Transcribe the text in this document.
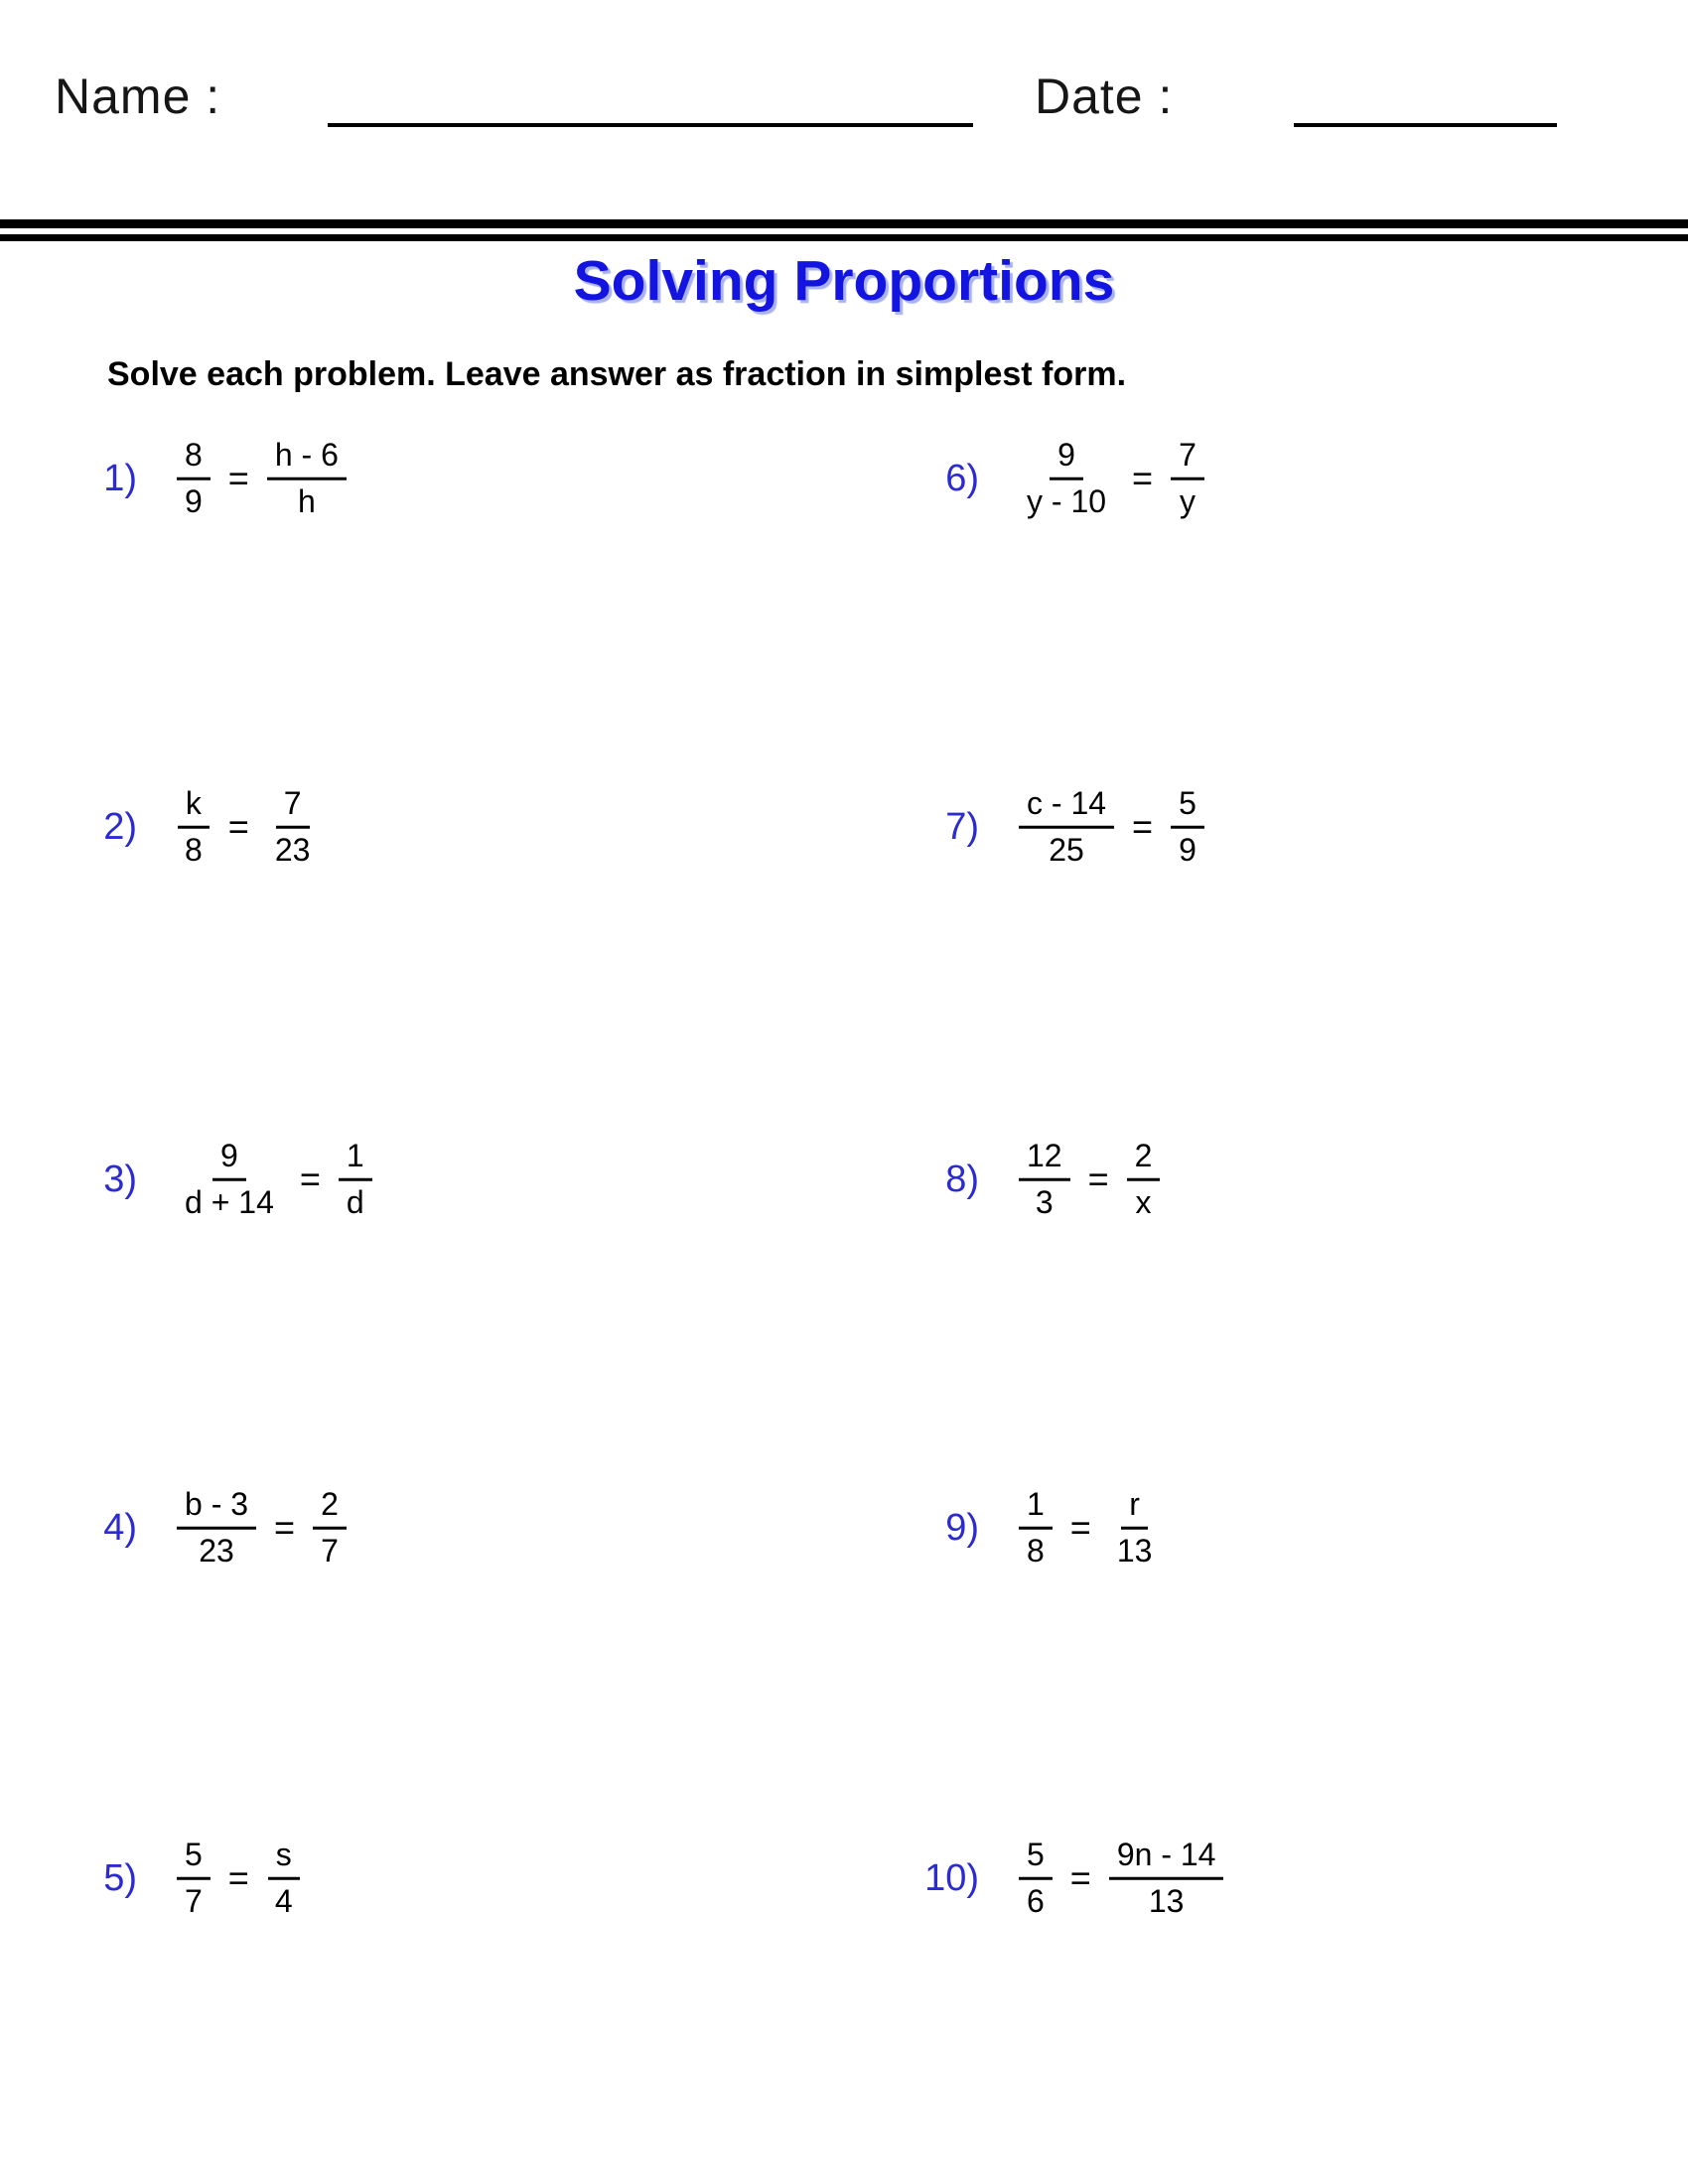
Name :	Date :
Solving Proportions
Solve each problem. Leave answer as fraction in simplest form.
$1) \frac{8}{9} = \frac{h - 6}{h}$
$2) \frac{k}{8} = \frac{7}{23}$
$3) \frac{9}{d + 14} = \frac{1}{d}$
$4) \frac{b - 3}{23} = \frac{2}{7}$
$5) \frac{5}{7} = \frac{s}{4}$
$6) \frac{9}{y - 10} = \frac{7}{y}$
$7) \frac{c - 14}{25} = \frac{5}{9}$
$8) \frac{12}{3} = \frac{2}{x}$
$9) \frac{1}{8} = \frac{r}{13}$
$10) \frac{5}{6} = \frac{9n - 14}{13}$
